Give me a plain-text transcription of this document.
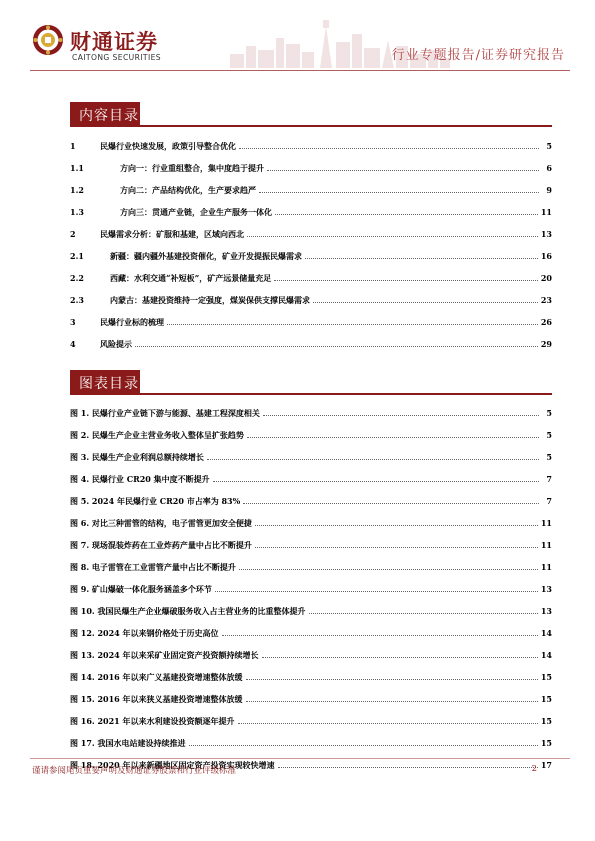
财通证券
CAITONG SECURITIES	行业专题报告/证券研究报告
内容目录
1	民爆行业快速发展，政策引导整合优化	5
1.1	方向一：行业重组整合，集中度趋于提升	6
1.2	方向二：产品结构优化，生产要求趋严	9
1.3	方向三：贯通产业链，企业生产服务一体化	11
2	民爆需求分析：矿服和基建，区域向西北	13
2.1	新疆：疆内疆外基建投资催化，矿业开发提振民爆需求	16
2.2	西藏：水利交通“补短板”，矿产远景储量充足	20
2.3	内蒙古：基建投资维持一定强度，煤炭保供支撑民爆需求	23
3	民爆行业标的梳理	26
4	风险提示	29
图表目录
图 1. 民爆行业产业链下游与能源、基建工程深度相关	5
图 2. 民爆生产企业主营业务收入整体呈扩张趋势	5
图 3. 民爆生产企业利润总额持续增长	5
图 4. 民爆行业 CR20 集中度不断提升	7
图 5. 2024 年民爆行业 CR20 市占率为 83%	7
图 6. 对比三种雷管的结构，电子雷管更加安全便捷	11
图 7. 现场混装炸药在工业炸药产量中占比不断提升	11
图 8. 电子雷管在工业雷管产量中占比不断提升	11
图 9. 矿山爆破一体化服务涵盖多个环节	13
图 10. 我国民爆生产企业爆破服务收入占主营业务的比重整体提升	13
图 12. 2024 年以来钢价格处于历史高位	14
图 13. 2024 年以来采矿业固定资产投资额持续增长	14
图 14. 2016 年以来广义基建投资增速整体放缓	15
图 15. 2016 年以来狭义基建投资增速整体放缓	15
图 16. 2021 年以来水利建设投资额逐年提升	15
图 17. 我国水电站建设持续推进	15
图 18. 2020 年以来新疆地区固定资产投资实现较快增速	17
谨请参阅尾页重要声明及财通证券股票和行业评级标准	2
